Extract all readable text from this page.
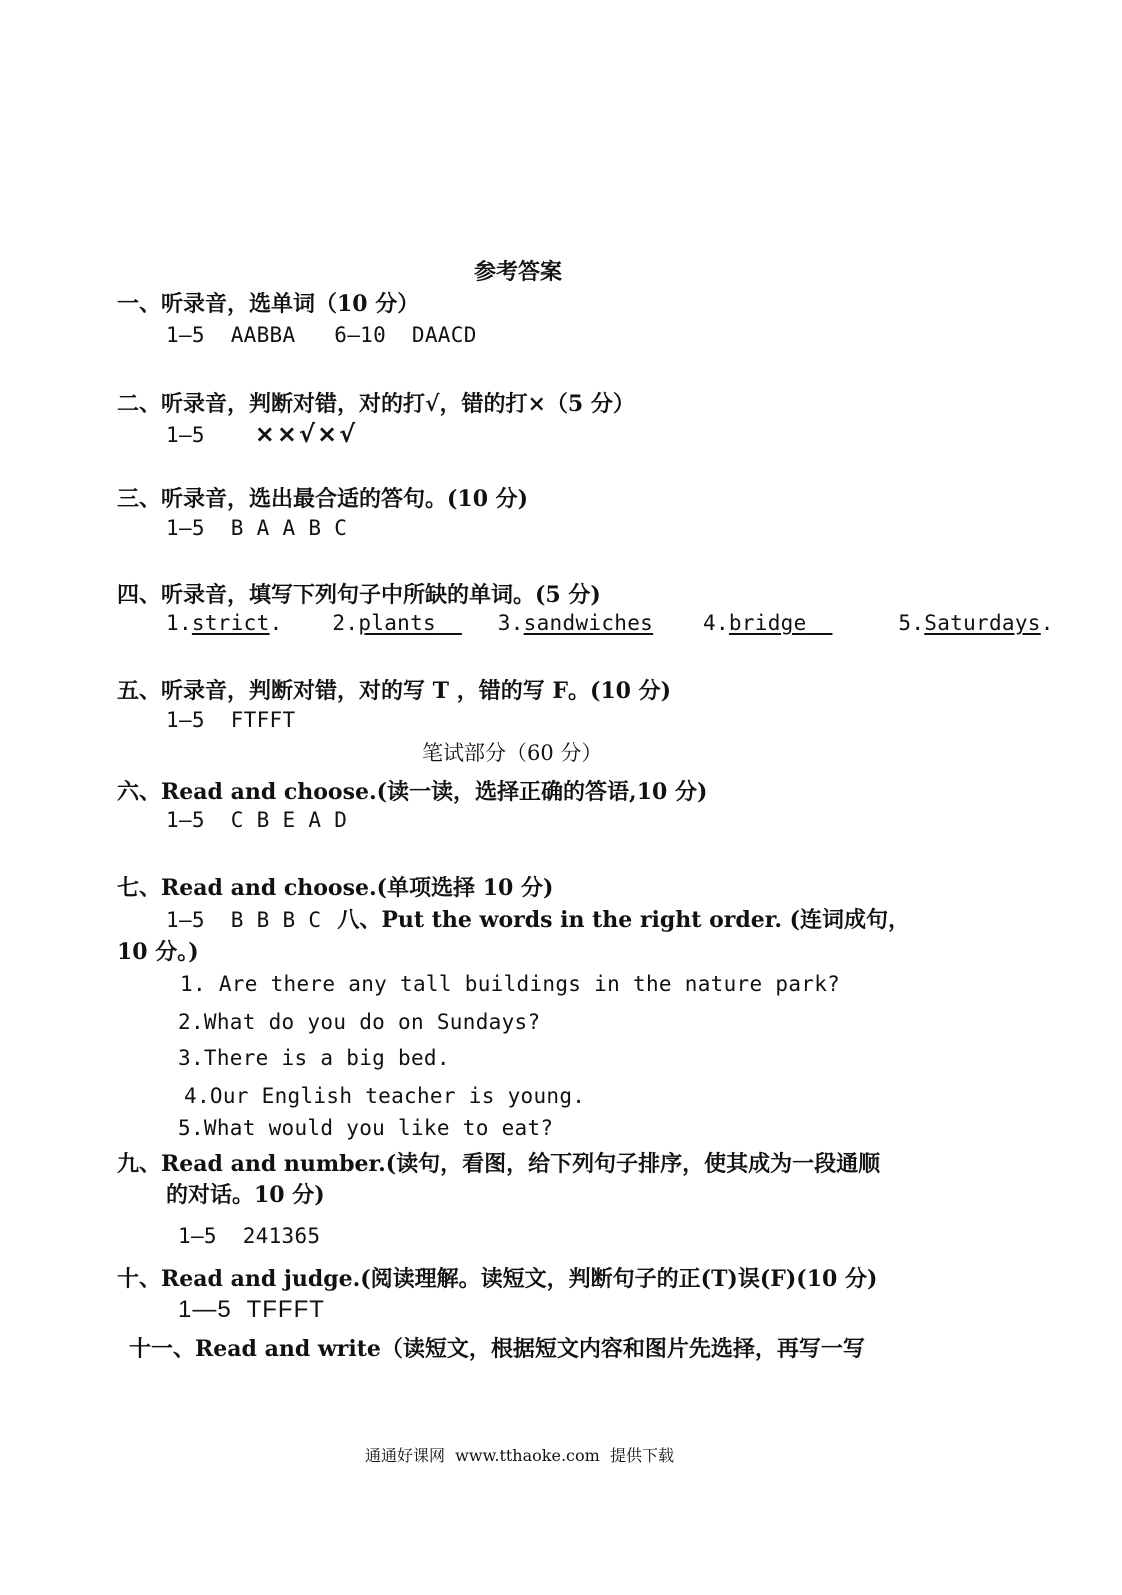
参考答案
一、听录音，选单词（10 分）
1—5  AABBA   6—10  DAACD
二、听录音，判断对错，对的打√，错的打×（5 分）
1—5 ××√×√
三、听录音，选出最合适的答句。(10 分)
1—5  B A A B C
四、听录音，填写下列句子中所缺的单词。(5 分)
1.strict. 2.plants	3.sandwiches 4.bridge	5.Saturdays.
五、听录音，判断对错，对的写 T ，错的写 F。(10 分)
1—5  FTFFT
笔试部分（60 分）
六、Read and choose.(读一读，选择正确的答语,10 分)
1—5  C B E A D
七、Read and choose.(单项选择 10 分)
1—5  B B B C 八、Put the words in the right order. (连词成句，
10 分。)
1. Are there any tall buildings in the nature park?
2.What do you do on Sundays?
3.There is a big bed.
4.Our English teacher is young.
5.What would you like to eat?
九、Read and number.(读句，看图，给下列句子排序，使其成为一段通顺
的对话。10 分)
1—5  241365
十、Read and judge.(阅读理解。读短文，判断句子的正(T)误(F)(10 分)
1—5  TFFFT
十一、Read and write（读短文，根据短文内容和图片先选择，再写一写
通通好课网  www.tthaoke.com  提供下载
